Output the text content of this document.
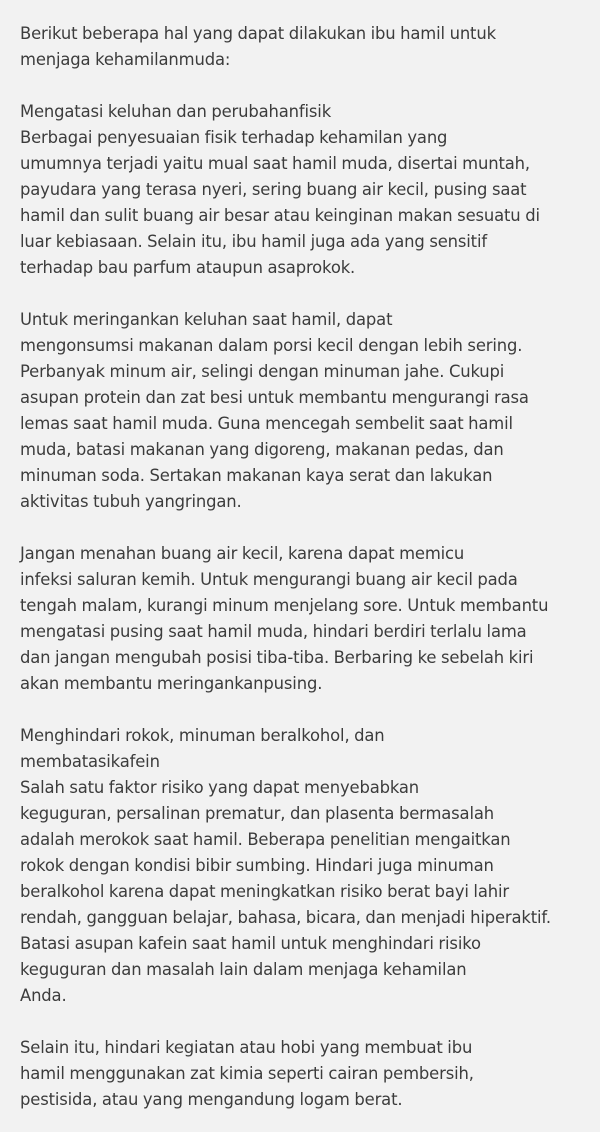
Berikut beberapa hal yang dapat dilakukan ibu hamil untuk
menjaga kehamilanmuda:
Mengatasi keluhan dan perubahanfisik
Berbagai penyesuaian fisik terhadap kehamilan yang
umumnya terjadi yaitu mual saat hamil muda, disertai muntah,
payudara yang terasa nyeri, sering buang air kecil, pusing saat
hamil dan sulit buang air besar atau keinginan makan sesuatu di
luar kebiasaan. Selain itu, ibu hamil juga ada yang sensitif
terhadap bau parfum ataupun asaprokok.
Untuk meringankan keluhan saat hamil, dapat
mengonsumsi makanan dalam porsi kecil dengan lebih sering.
Perbanyak minum air, selingi dengan minuman jahe. Cukupi
asupan protein dan zat besi untuk membantu mengurangi rasa
lemas saat hamil muda. Guna mencegah sembelit saat hamil
muda, batasi makanan yang digoreng, makanan pedas, dan
minuman soda. Sertakan makanan kaya serat dan lakukan
aktivitas tubuh yangringan.
Jangan menahan buang air kecil, karena dapat memicu
infeksi saluran kemih. Untuk mengurangi buang air kecil pada
tengah malam, kurangi minum menjelang sore. Untuk membantu
mengatasi pusing saat hamil muda, hindari berdiri terlalu lama
dan jangan mengubah posisi tiba-tiba. Berbaring ke sebelah kiri
akan membantu meringankanpusing.
Menghindari rokok, minuman beralkohol, dan
membatasikafein
Salah satu faktor risiko yang dapat menyebabkan
keguguran, persalinan prematur, dan plasenta bermasalah
adalah merokok saat hamil. Beberapa penelitian mengaitkan
rokok dengan kondisi bibir sumbing. Hindari juga minuman
beralkohol karena dapat meningkatkan risiko berat bayi lahir
rendah, gangguan belajar, bahasa, bicara, dan menjadi hiperaktif.
Batasi asupan kafein saat hamil untuk menghindari risiko
keguguran dan masalah lain dalam menjaga kehamilan
Anda.
Selain itu, hindari kegiatan atau hobi yang membuat ibu
hamil menggunakan zat kimia seperti cairan pembersih,
pestisida, atau yang mengandung logam berat.
